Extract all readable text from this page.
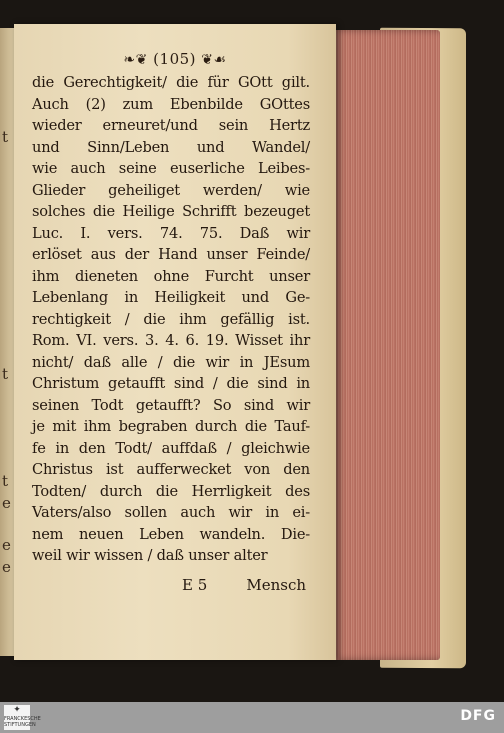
t
t
t
e
e
e
❧❦ (105) ❦☙
die Gerechtigkeit/ die für GOtt gilt.
Auch (2) zum Ebenbilde GOttes
wieder erneuret/und sein Hertz
und Sinn/Leben und Wandel/
wie auch seine euserliche Leibes-
Glieder geheiliget werden/ wie
solches die Heilige Schrifft bezeuget
Luc. I. vers. 74. 75. Daß wir
erlöset aus der Hand unser Feinde/
ihm dieneten ohne Furcht unser
Lebenlang in Heiligkeit und Ge-
rechtigkeit / die ihm gefällig ist.
Rom. VI. vers. 3. 4. 6. 19. Wisset ihr
nicht/ daß alle / die wir in JEsum
Christum getaufft sind / die sind in
seinen Todt getaufft? So sind wir
je mit ihm begraben durch die Tauf-
fe in den Todt/ auffdaß / gleichwie
Christus ist aufferwecket von den
Todten/ durch die Herrligkeit des
Vaters/also sollen auch wir in ei-
nem neuen Leben wandeln. Die-
weil wir wissen / daß unser alter
E 5	Mensch
✦
FRANCKESCHE STIFTUNGEN
DFG
